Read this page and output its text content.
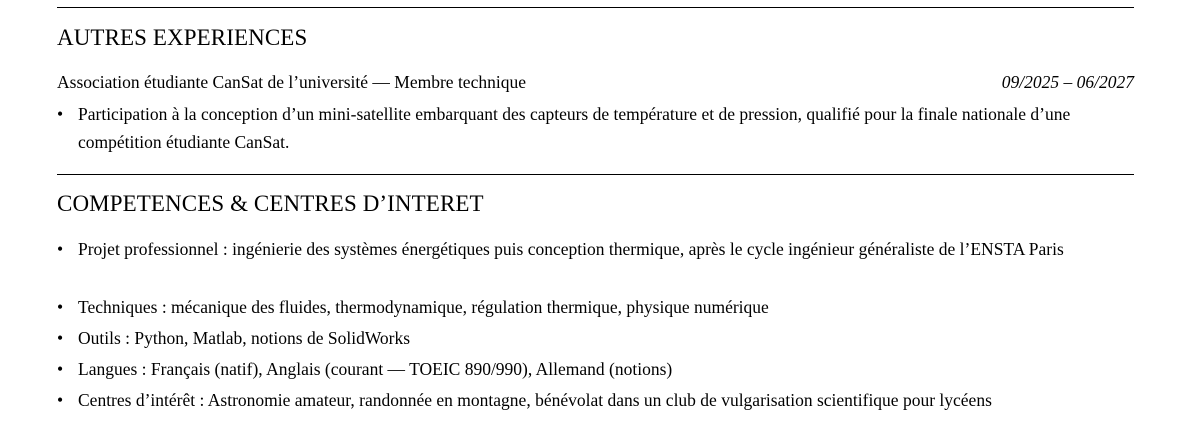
AUTRES EXPERIENCES
Association étudiante CanSat de l’université — Membre technique	09/2025 – 06/2027
• Participation à la conception d’un mini-satellite embarquant des capteurs de température et de pression, qualifié pour la finale nationale d’une compétition étudiante CanSat.
COMPETENCES & CENTRES D’INTERET
• Projet professionnel : ingénierie des systèmes énergétiques puis conception thermique, après le cycle ingénieur généraliste de l’ENSTA Paris
• Techniques : mécanique des fluides, thermodynamique, régulation thermique, physique numérique
• Outils : Python, Matlab, notions de SolidWorks
• Langues : Français (natif), Anglais (courant — TOEIC 890/990), Allemand (notions)
• Centres d’intérêt : Astronomie amateur, randonnée en montagne, bénévolat dans un club de vulgarisation scientifique pour lycéens
